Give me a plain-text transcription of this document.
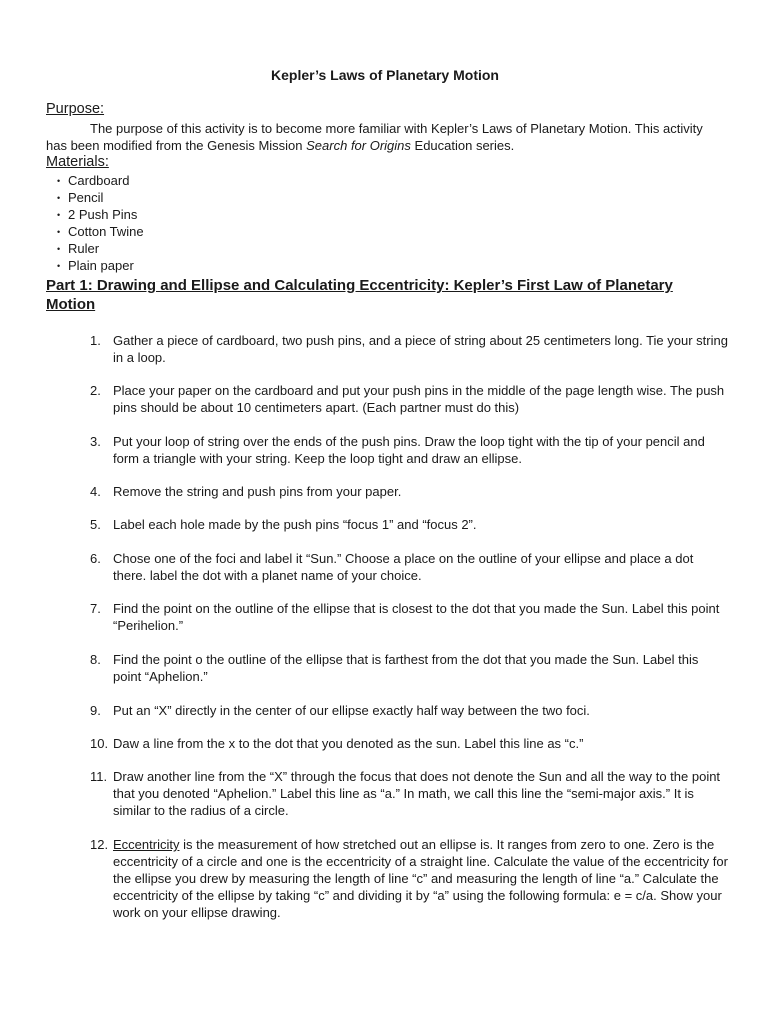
Kepler’s Laws of Planetary Motion
Purpose:
The purpose of this activity is to become more familiar with Kepler’s Laws of Planetary Motion. This activity has been modified from the Genesis Mission Search for Origins Education series.
Materials:
• Cardboard
• Pencil
• 2 Push Pins
• Cotton Twine
• Ruler
• Plain paper
Part 1: Drawing and Ellipse and Calculating Eccentricity: Kepler’s First Law of Planetary Motion
1. Gather a piece of cardboard, two push pins, and a piece of string about 25 centimeters long. Tie your string in a loop.
2. Place your paper on the cardboard and put your push pins in the middle of the page length wise. The push pins should be about 10 centimeters apart. (Each partner must do this)
3. Put your loop of string over the ends of the push pins. Draw the loop tight with the tip of your pencil and form a triangle with your string. Keep the loop tight and draw an ellipse.
4. Remove the string and push pins from your paper.
5. Label each hole made by the push pins “focus 1” and “focus 2”.
6. Chose one of the foci and label it “Sun.” Choose a place on the outline of your ellipse and place a dot there. label the dot with a planet name of your choice.
7. Find the point on the outline of the ellipse that is closest to the dot that you made the Sun. Label this point “Perihelion.”
8. Find the point o the outline of the ellipse that is farthest from the dot that you made the Sun. Label this point “Aphelion.”
9. Put an “X” directly in the center of our ellipse exactly half way between the two foci.
10. Daw a line from the x to the dot that you denoted as the sun. Label this line as “c.”
11. Draw another line from the “X” through the focus that does not denote the Sun and all the way to the point that you denoted “Aphelion.” Label this line as “a.” In math, we call this line the “semi-major axis.” It is similar to the radius of a circle.
12. Eccentricity is the measurement of how stretched out an ellipse is. It ranges from zero to one. Zero is the eccentricity of a circle and one is the eccentricity of a straight line. Calculate the value of the eccentricity for the ellipse you drew by measuring the length of line “c” and measuring the length of line “a.” Calculate the eccentricity of the ellipse by taking “c” and dividing it by “a” using the following formula: e = c/a. Show your work on your ellipse drawing.
